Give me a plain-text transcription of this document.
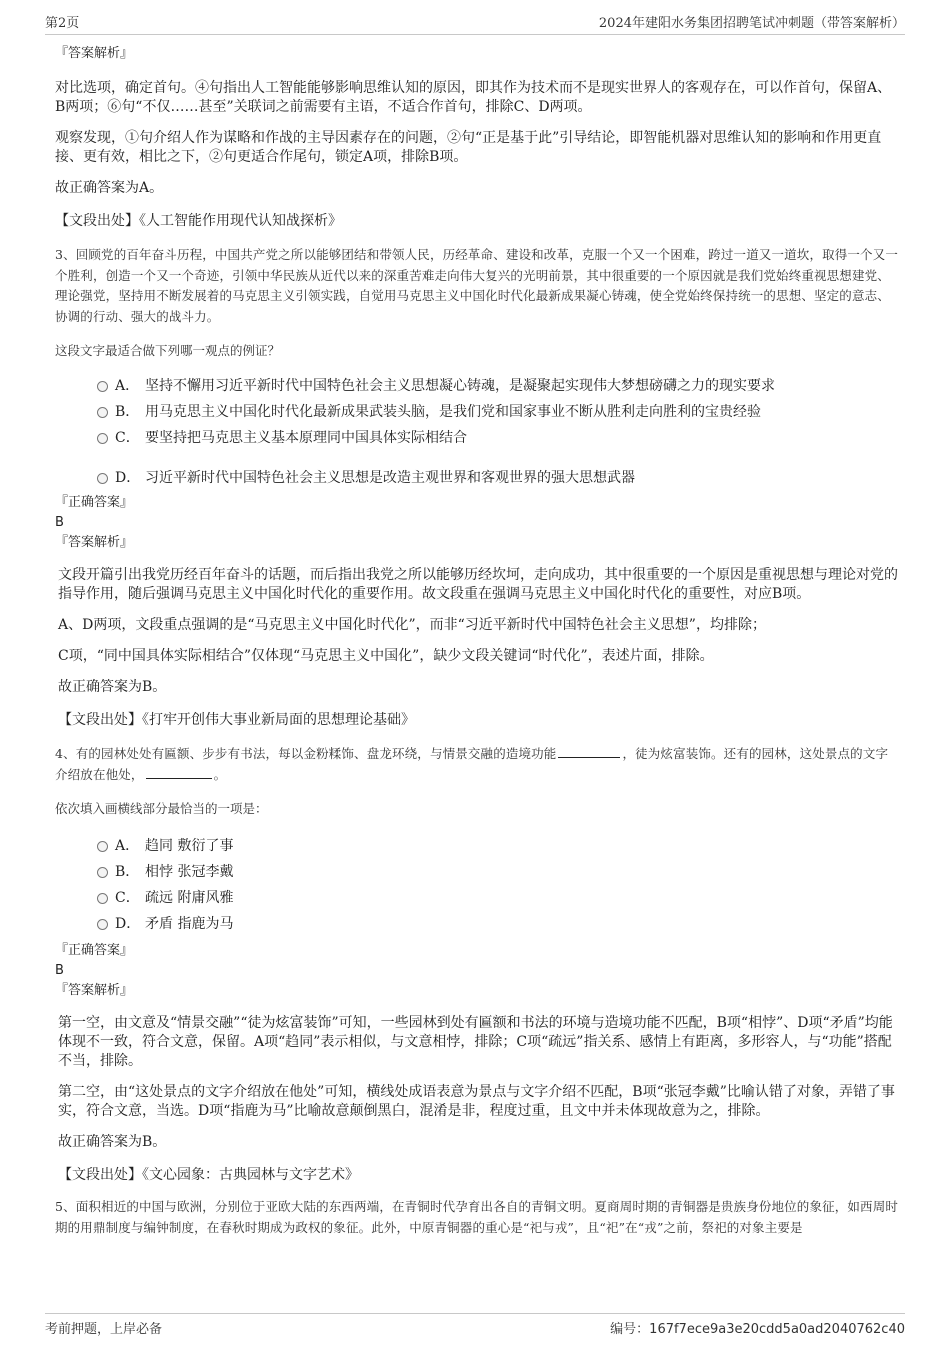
第2页	2024年建阳水务集团招聘笔试冲刺题（带答案解析）

『答案解析』

对比选项，确定首句。④句指出人工智能能够影响思维认知的原因，即其作为技术而不是现实世界人的客观存在，可以作首句，保留A、B两项；⑥句“不仅……甚至”关联词之前需要有主语，不适合作首句，排除C、D两项。

观察发现，①句介绍人作为谋略和作战的主导因素存在的问题，②句“正是基于此”引导结论，即智能机器对思维认知的影响和作用更直接、更有效，相比之下，②句更适合作尾句，锁定A项，排除B项。

故正确答案为A。

【文段出处】《人工智能作用现代认知战探析》

3、回顾党的百年奋斗历程，中国共产党之所以能够团结和带领人民，历经革命、建设和改革，克服一个又一个困难，跨过一道又一道坎，取得一个又一个胜利，创造一个又一个奇迹，引领中华民族从近代以来的深重苦难走向伟大复兴的光明前景，其中很重要的一个原因就是我们党始终重视思想建党、理论强党，坚持用不断发展着的马克思主义引领实践，自觉用马克思主义中国化时代化最新成果凝心铸魂，使全党始终保持统一的思想、坚定的意志、协调的行动、强大的战斗力。

这段文字最适合做下列哪一观点的例证？

A． 坚持不懈用习近平新时代中国特色社会主义思想凝心铸魂，是凝聚起实现伟大梦想磅礴之力的现实要求
B． 用马克思主义中国化时代化最新成果武装头脑，是我们党和国家事业不断从胜利走向胜利的宝贵经验
C． 要坚持把马克思主义基本原理同中国具体实际相结合
D． 习近平新时代中国特色社会主义思想是改造主观世界和客观世界的强大思想武器

『正确答案』

B

『答案解析』

文段开篇引出我党历经百年奋斗的话题，而后指出我党之所以能够历经坎坷，走向成功，其中很重要的一个原因是重视思想与理论对党的指导作用，随后强调马克思主义中国化时代化的重要作用。故文段重在强调马克思主义中国化时代化的重要性，对应B项。

A、D两项，文段重点强调的是“马克思主义中国化时代化”，而非“习近平新时代中国特色社会主义思想”，均排除；

C项，“同中国具体实际相结合”仅体现“马克思主义中国化”，缺少文段关键词“时代化”，表述片面，排除。

故正确答案为B。

【文段出处】《打牢开创伟大事业新局面的思想理论基础》

4、有的园林处处有匾额、步步有书法，每以金粉糅饰、盘龙环绕，与情景交融的造境功能	，徒为炫富装饰。还有的园林，这处景点的文字介绍放在他处，	。

依次填入画横线部分最恰当的一项是：

A． 趋同 敷衍了事
B． 相悖 张冠李戴
C． 疏远 附庸风雅
D． 矛盾 指鹿为马

『正确答案』

B

『答案解析』

第一空，由文意及“情景交融”“徒为炫富装饰”可知，一些园林到处有匾额和书法的环境与造境功能不匹配，B项“相悖”、D项“矛盾”均能体现不一致，符合文意，保留。A项“趋同”表示相似，与文意相悖，排除；C项“疏远”指关系、感情上有距离，多形容人，与“功能”搭配不当，排除。

第二空，由“这处景点的文字介绍放在他处”可知，横线处成语表意为景点与文字介绍不匹配，B项“张冠李戴”比喻认错了对象，弄错了事实，符合文意，当选。D项“指鹿为马”比喻故意颠倒黑白，混淆是非，程度过重，且文中并未体现故意为之，排除。

故正确答案为B。

【文段出处】《文心园象：古典园林与文字艺术》

5、面积相近的中国与欧洲，分别位于亚欧大陆的东西两端，在青铜时代孕育出各自的青铜文明。夏商周时期的青铜器是贵族身份地位的象征，如西周时期的用鼎制度与编钟制度，在春秋时期成为政权的象征。此外，中原青铜器的重心是“祀与戎”，且“祀”在“戎”之前，祭祀的对象主要是

考前押题，上岸必备	编号：167f7ece9a3e20cdd5a0ad2040762c40
